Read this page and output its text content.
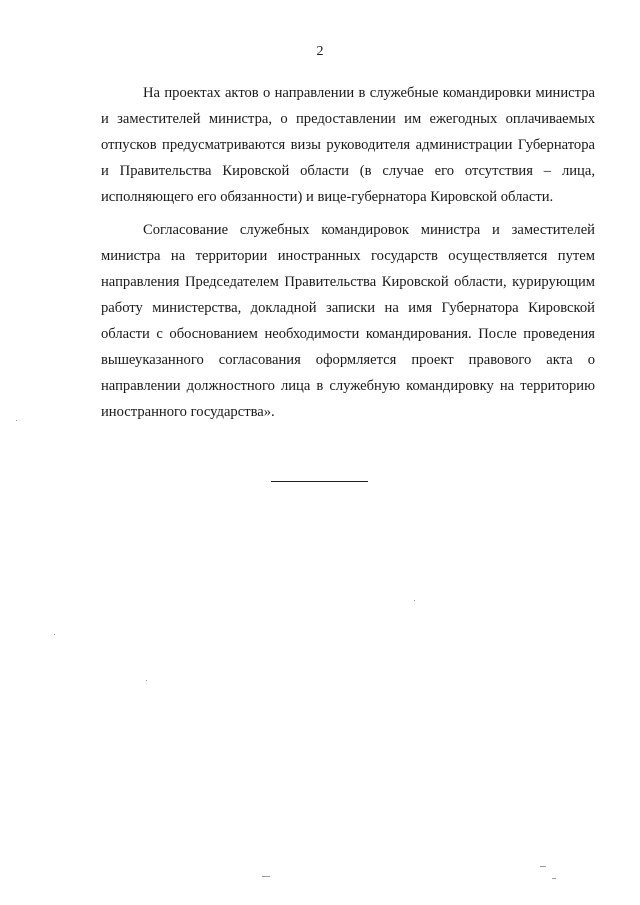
2

На проектах актов о направлении в служебные командировки министра и заместителей министра, о предоставлении им ежегодных оплачиваемых отпусков предусматриваются визы руководителя администрации Губернатора и Правительства Кировской области (в случае его отсутствия – лица, исполняющего его обязанности) и вице-губернатора Кировской области.

Согласование служебных командировок министра и заместителей министра на территории иностранных государств осуществляется путем направления Председателем Правительства Кировской области, курирующим работу министерства, докладной записки на имя Губернатора Кировской области с обоснованием необходимости командирования. После проведения вышеуказанного согласования оформляется проект правового акта о направлении должностного лица в служебную командировку на территорию иностранного государства».
